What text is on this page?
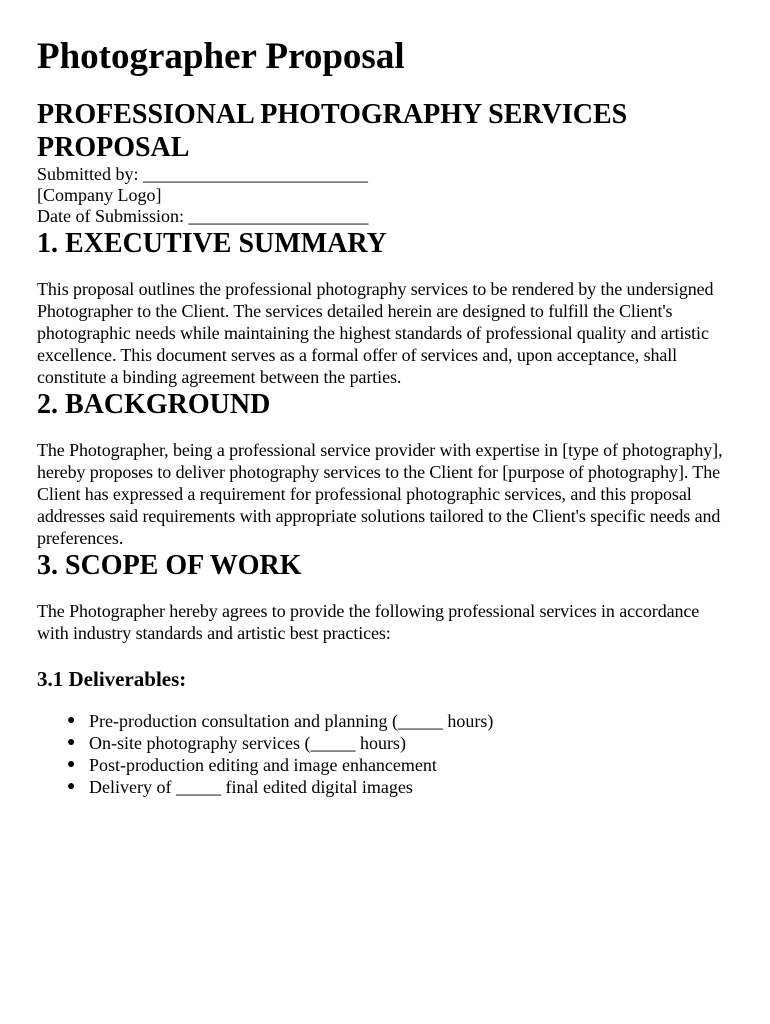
Photographer Proposal
PROFESSIONAL PHOTOGRAPHY SERVICES PROPOSAL

Submitted by: _________________________

[Company Logo]

Date of Submission: ____________________

1. EXECUTIVE SUMMARY

This proposal outlines the professional photography services to be rendered by the undersigned Photographer to the Client. The services detailed herein are designed to fulfill the Client's photographic needs while maintaining the highest standards of professional quality and artistic excellence. This document serves as a formal offer of services and, upon acceptance, shall constitute a binding agreement between the parties.

2. BACKGROUND

The Photographer, being a professional service provider with expertise in [type of photography], hereby proposes to deliver photography services to the Client for [purpose of photography]. The Client has expressed a requirement for professional photographic services, and this proposal addresses said requirements with appropriate solutions tailored to the Client's specific needs and preferences.

3. SCOPE OF WORK

The Photographer hereby agrees to provide the following professional services in accordance with industry standards and artistic best practices:

3.1 Deliverables:
● Pre-production consultation and planning (_____ hours)
● On-site photography services (_____ hours)
● Post-production editing and image enhancement
● Delivery of _____ final edited digital images
